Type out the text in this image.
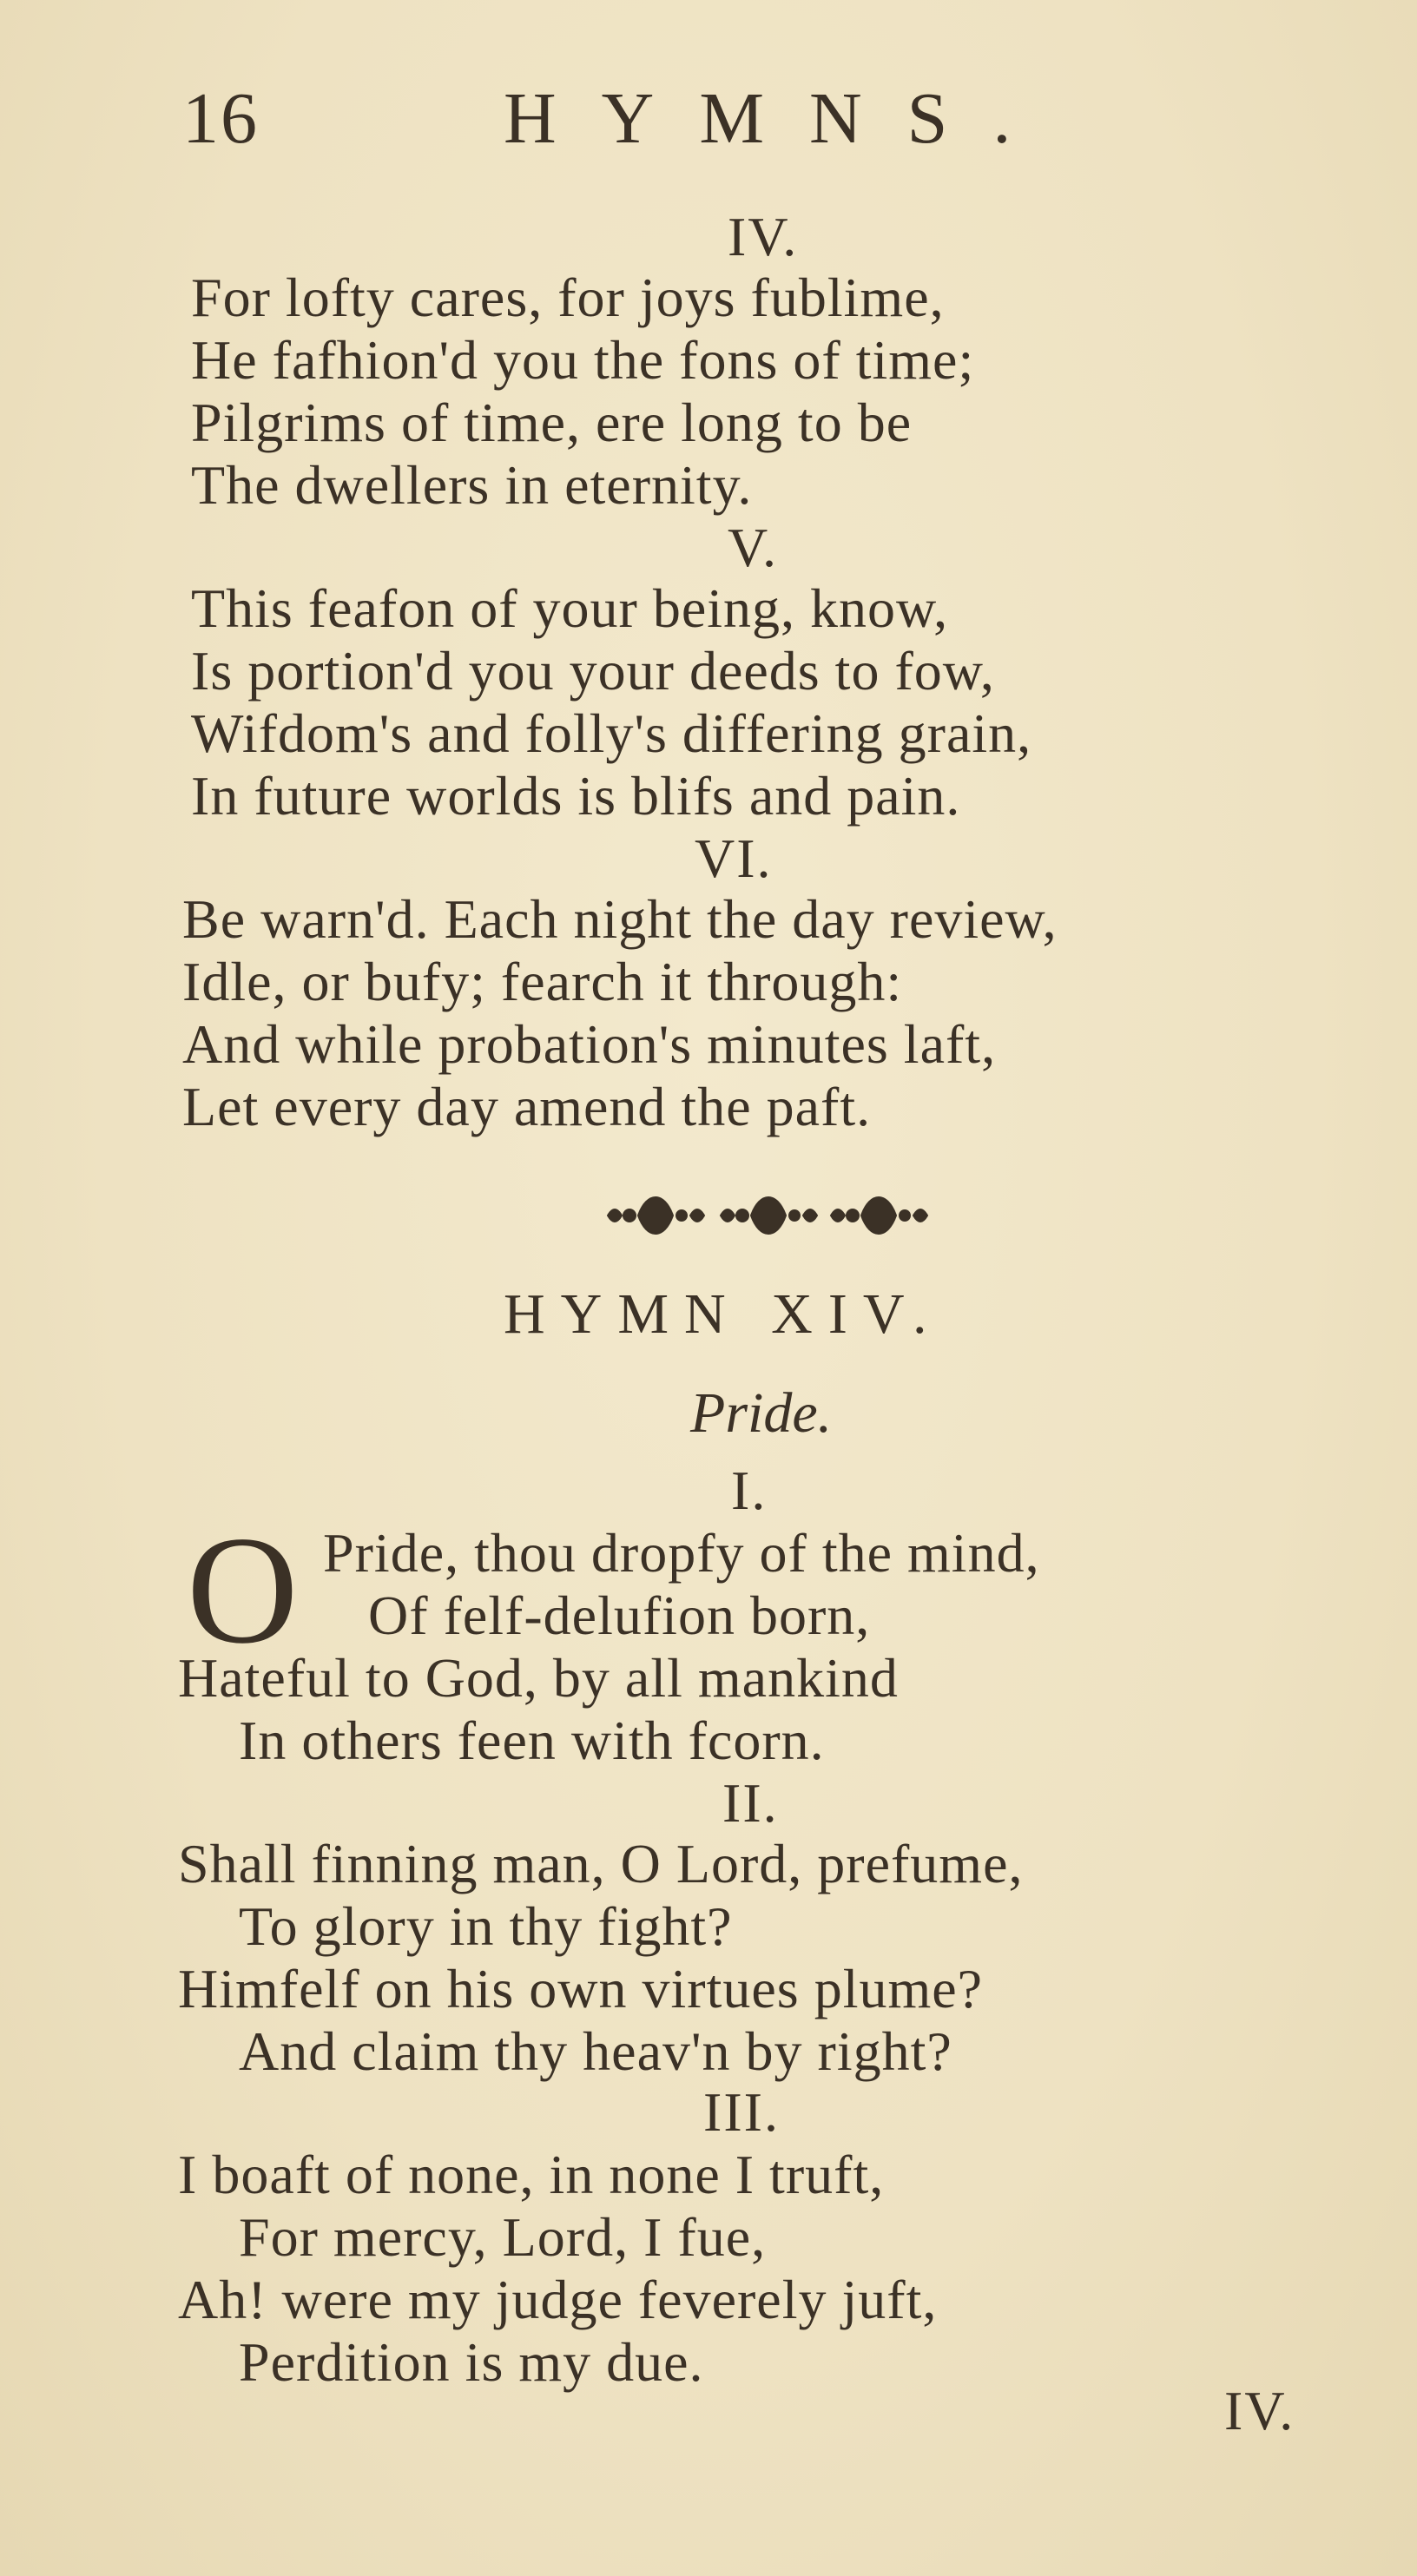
16	HYMNS.
IV.
For lofty cares, for joys fublime,
He fafhion'd you the fons of time;
Pilgrims of time, ere long to be
The dwellers in eternity.
V.
This feafon of your being, know,
Is portion'd you your deeds to fow,
Wifdom's and folly's differing grain,
In future worlds is blifs and pain.
VI.
Be warn'd. Each night the day review,
Idle, or bufy; fearch it through:
And while probation's minutes laft,
Let every day amend the paft.
HYMN XIV.
Pride.
I.
O Pride, thou dropfy of the mind,
Of felf-delufion born,
Hateful to God, by all mankind
In others feen with fcorn.
II.
Shall finning man, O Lord, prefume,
To glory in thy fight?
Himfelf on his own virtues plume?
And claim thy heav'n by right?
III.
I boaft of none, in none I truft,
For mercy, Lord, I fue,
Ah! were my judge feverely juft,
Perdition is my due.
IV.
